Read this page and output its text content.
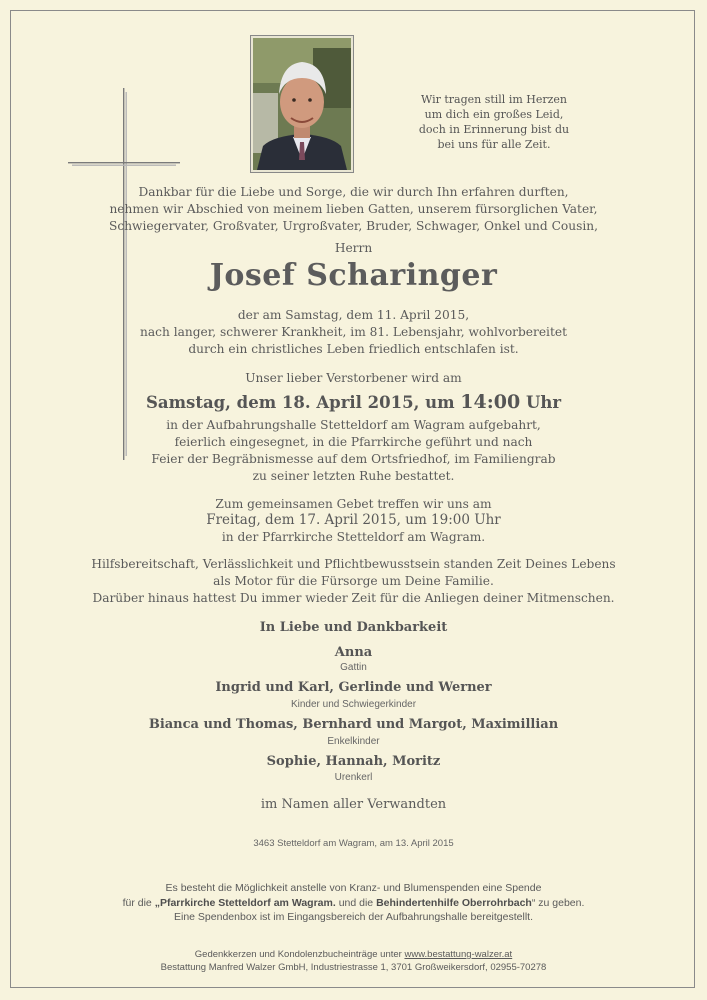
Wir tragen still im Herzen
um dich ein großes Leid,
doch in Erinnerung bist du
bei uns für alle Zeit.
Dankbar für die Liebe und Sorge, die wir durch Ihn erfahren durften,
nehmen wir Abschied von meinem lieben Gatten, unserem fürsorglichen Vater,
Schwiegervater, Großvater, Urgroßvater, Bruder, Schwager, Onkel und Cousin,
Herrn
Josef Scharinger
der am Samstag, dem 11. April 2015,
nach langer, schwerer Krankheit, im 81. Lebensjahr, wohlvorbereitet
durch ein christliches Leben friedlich entschlafen ist.
Unser lieber Verstorbener wird am
Samstag, dem 18. April 2015, um 14:00 Uhr
in der Aufbahrungshalle Stetteldorf am Wagram aufgebahrt,
feierlich eingesegnet, in die Pfarrkirche geführt und nach
Feier der Begräbnismesse auf dem Ortsfriedhof, im Familiengrab
zu seiner letzten Ruhe bestattet.
Zum gemeinsamen Gebet treffen wir uns am
Freitag, dem 17. April 2015, um 19:00 Uhr
in der Pfarrkirche Stetteldorf am Wagram.
Hilfsbereitschaft, Verlässlichkeit und Pflichtbewusstsein standen Zeit Deines Lebens
als Motor für die Fürsorge um Deine Familie.
Darüber hinaus hattest Du immer wieder Zeit für die Anliegen deiner Mitmenschen.
In Liebe und Dankbarkeit
Anna
Gattin
Ingrid und Karl, Gerlinde und Werner
Kinder und Schwiegerkinder
Bianca und Thomas, Bernhard und Margot, Maximillian
Enkelkinder
Sophie, Hannah, Moritz
Urenkerl
im Namen aller Verwandten
3463 Stetteldorf am Wagram, am 13. April 2015
Es besteht die Möglichkeit anstelle von Kranz- und Blumenspenden eine Spende
für die „Pfarrkirche Stetteldorf am Wagram. und die Behindertenhilfe Oberrohrbach“ zu geben.
Eine Spendenbox ist im Eingangsbereich der Aufbahrungshalle bereitgestellt.
Gedenkkerzen und Kondolenzbucheinträge unter www.bestattung-walzer.at
Bestattung Manfred Walzer GmbH, Industriestrasse 1, 3701 Großweikersdorf, 02955-70278
